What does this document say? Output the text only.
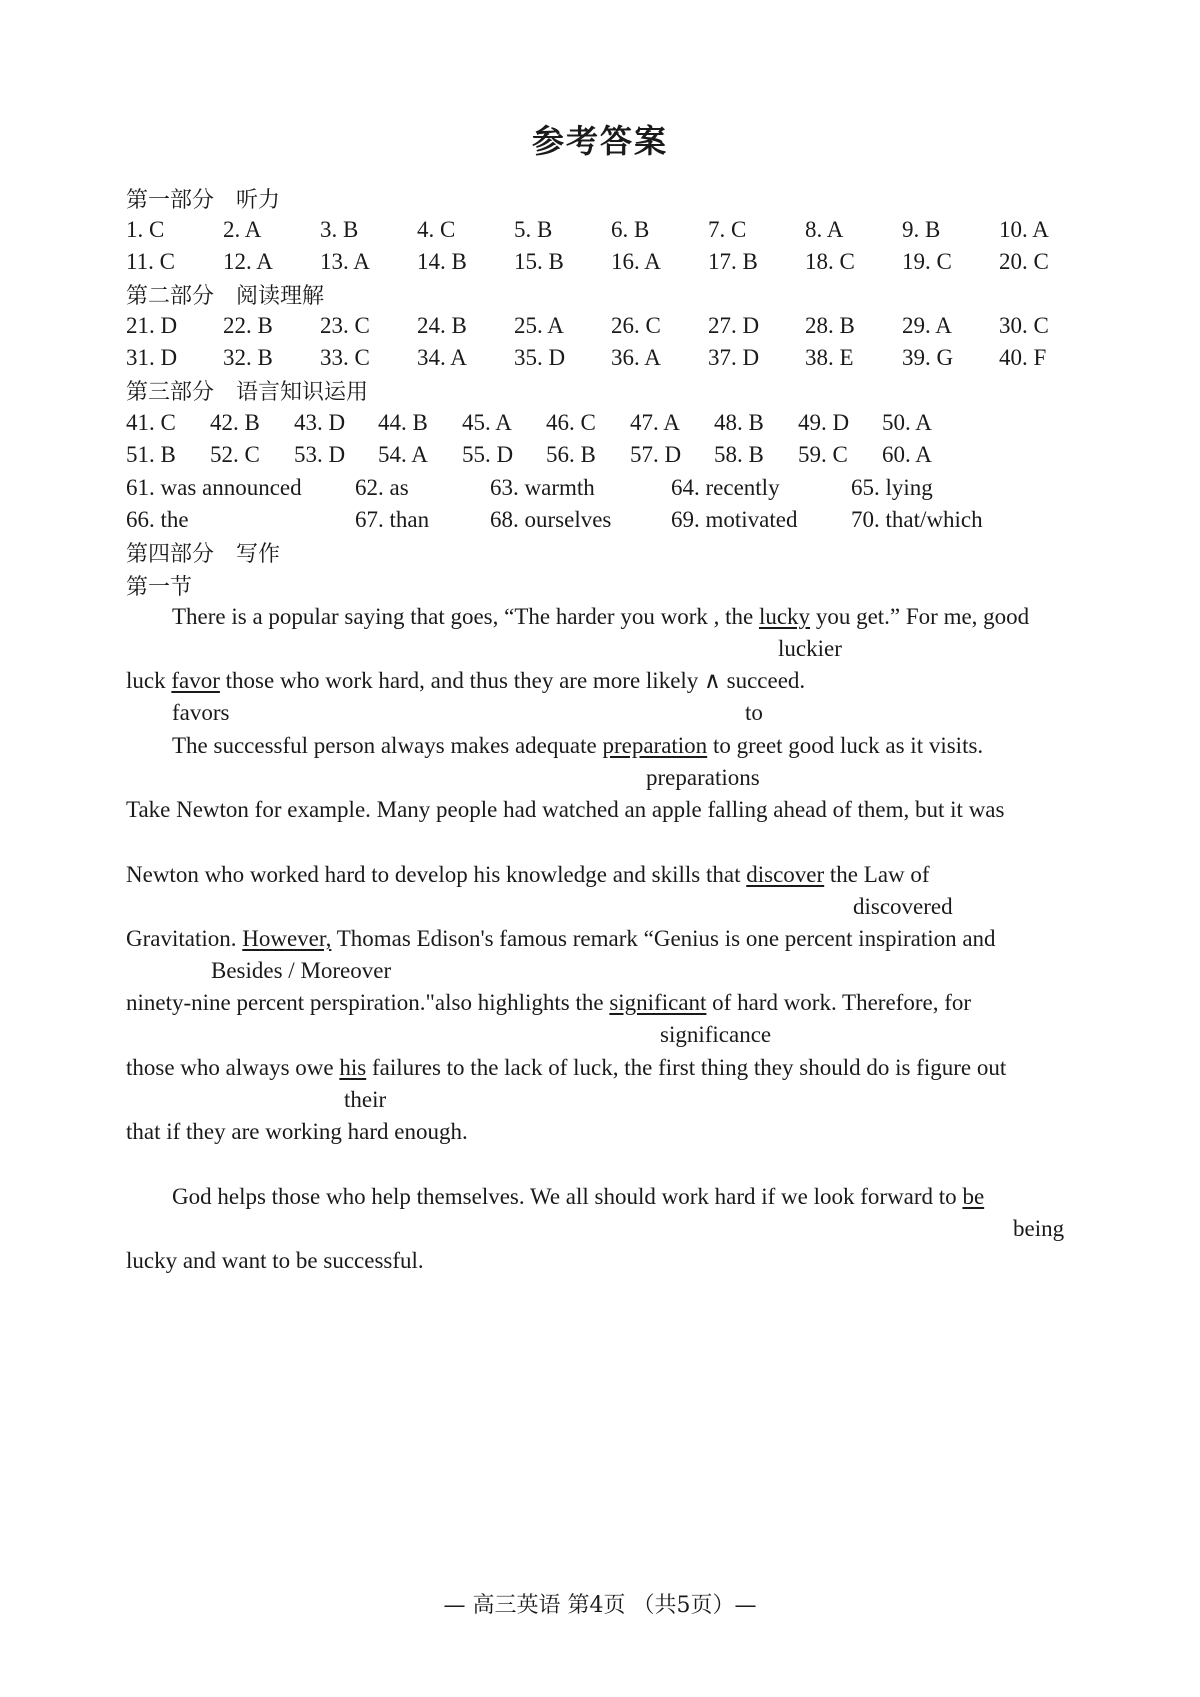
参考答案
第一部分　听力
1. C	2. A	3. B	4. C	5. B	6. B	7. C	8. A	9. B	10. A
11. C 12. A 13. A 14. B 15. B 16. A 17. B 18. C 19. C 20. C
第二部分　阅读理解
21. D 22. B 23. C 24. B 25. A 26. C 27. D 28. B 29. A 30. C
31. D 32. B 33. C 34. A 35. D 36. A 37. D 38. E 39. G 40. F
第三部分　语言知识运用
41. C 42. B 43. D 44. B 45. A 46. C 47. A 48. B 49. D 50. A
51. B 52. C 53. D 54. A 55. D 56. B 57. D 58. B 59. C 60. A
61. was announced 62. as	63. warmth	64. recently	65. lying
66. the	67. than	68. ourselves	69. motivated 70. that/which
第四部分　写作
第一节
There is a popular saying that goes, “The harder you work , the lucky you get.” For me, good
luckier
luck favor those who work hard, and thus they are more likely ∧ succeed.
favors	to
The successful person always makes adequate preparation to greet good luck as it visits.
preparations
Take Newton for example. Many people had watched an apple falling ahead of them, but it was
Newton who worked hard to develop his knowledge and skills that discover the Law of
discovered
Gravitation. However, Thomas Edison's famous remark “Genius is one percent inspiration and
Besides / Moreover
ninety-nine percent perspiration."also highlights the significant of hard work. Therefore, for
significance
those who always owe his failures to the lack of luck, the first thing they should do is figure out
their
that if they are working hard enough.
God helps those who help themselves. We all should work hard if we look forward to be
being
lucky and want to be successful.
— 高三英语 第4页 （共5页）—
